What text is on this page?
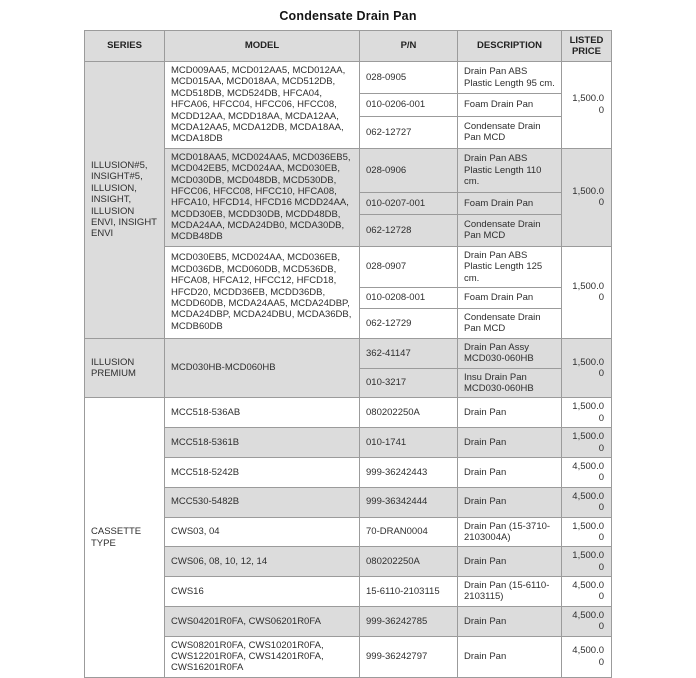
Condensate Drain Pan
SERIES	MODEL	P/N	DESCRIPTION	LISTED PRICE
ILLUSION#5, INSIGHT#5, ILLUSION, INSIGHT, ILLUSION ENVI, INSIGHT ENVI	MCD009AA5, MCD012AA5, MCD012AA, MCD015AA, MCD018AA, MCD512DB, MCD518DB, MCD524DB, HFCA04, HFCA06, HFCC04, HFCC06, HFCC08, MCDD12AA, MCDD18AA, MCDA12AA, MCDA12AA5, MCDA12DB, MCDA18AA, MCDA18DB	028-0905	Drain Pan ABS Plastic Length 95 cm.	1,500.00
		010-0206-001	Foam Drain Pan	
		062-12727	Condensate Drain Pan MCD	
	MCD018AA5, MCD024AA5, MCD036EB5, MCD042EB5, MCD024AA, MCD030EB, MCD030DB, MCD048DB, MCD530DB, HFCC06, HFCC08, HFCC10, HFCA08, HFCA10, HFCD14, HFCD16 MCDD24AA, MCDD30EB, MCDD30DB, MCDD48DB, MCDA24AA, MCDA24DB0, MCDA30DB, MCDB48DB	028-0906	Drain Pan ABS Plastic Length 110 cm.	1,500.00
		010-0207-001	Foam Drain Pan	
		062-12728	Condensate Drain Pan MCD	
	MCD030EB5, MCD024AA, MCD036EB, MCD036DB, MCD060DB, MCD536DB, HFCA08, HFCA12, HFCC12, HFCD18, HFCD20, MCDD36EB, MCDD36DB, MCDD60DB, MCDA24AA5, MCDA24DBP, MCDA24DBP, MCDA24DBU, MCDA36DB, MCDB60DB	028-0907	Drain Pan ABS Plastic Length 125 cm.	1,500.00
		010-0208-001	Foam Drain Pan	
		062-12729	Condensate Drain Pan MCD	
ILLUSION PREMIUM	MCD030HB-MCD060HB	362-41147	Drain Pan Assy MCD030-060HB	1,500.00
		010-3217	Insu Drain Pan MCD030-060HB	
CASSETTE TYPE	MCC518-536AB	080202250A	Drain Pan	1,500.00
	MCC518-5361B	010-1741	Drain Pan	1,500.00
	MCC518-5242B	999-36242443	Drain Pan	4,500.00
	MCC530-5482B	999-36342444	Drain Pan	4,500.00
	CWS03, 04	70-DRAN0004	Drain Pan (15-3710-2103004A)	1,500.00
	CWS06, 08, 10, 12, 14	080202250A	Drain Pan	1,500.00
	CWS16	15-6110-2103115	Drain Pan (15-6110-2103115)	4,500.00
	CWS04201R0FA, CWS06201R0FA	999-36242785	Drain Pan	4,500.00
	CWS08201R0FA, CWS10201R0FA, CWS12201R0FA, CWS14201R0FA, CWS16201R0FA	999-36242797	Drain Pan	4,500.00
